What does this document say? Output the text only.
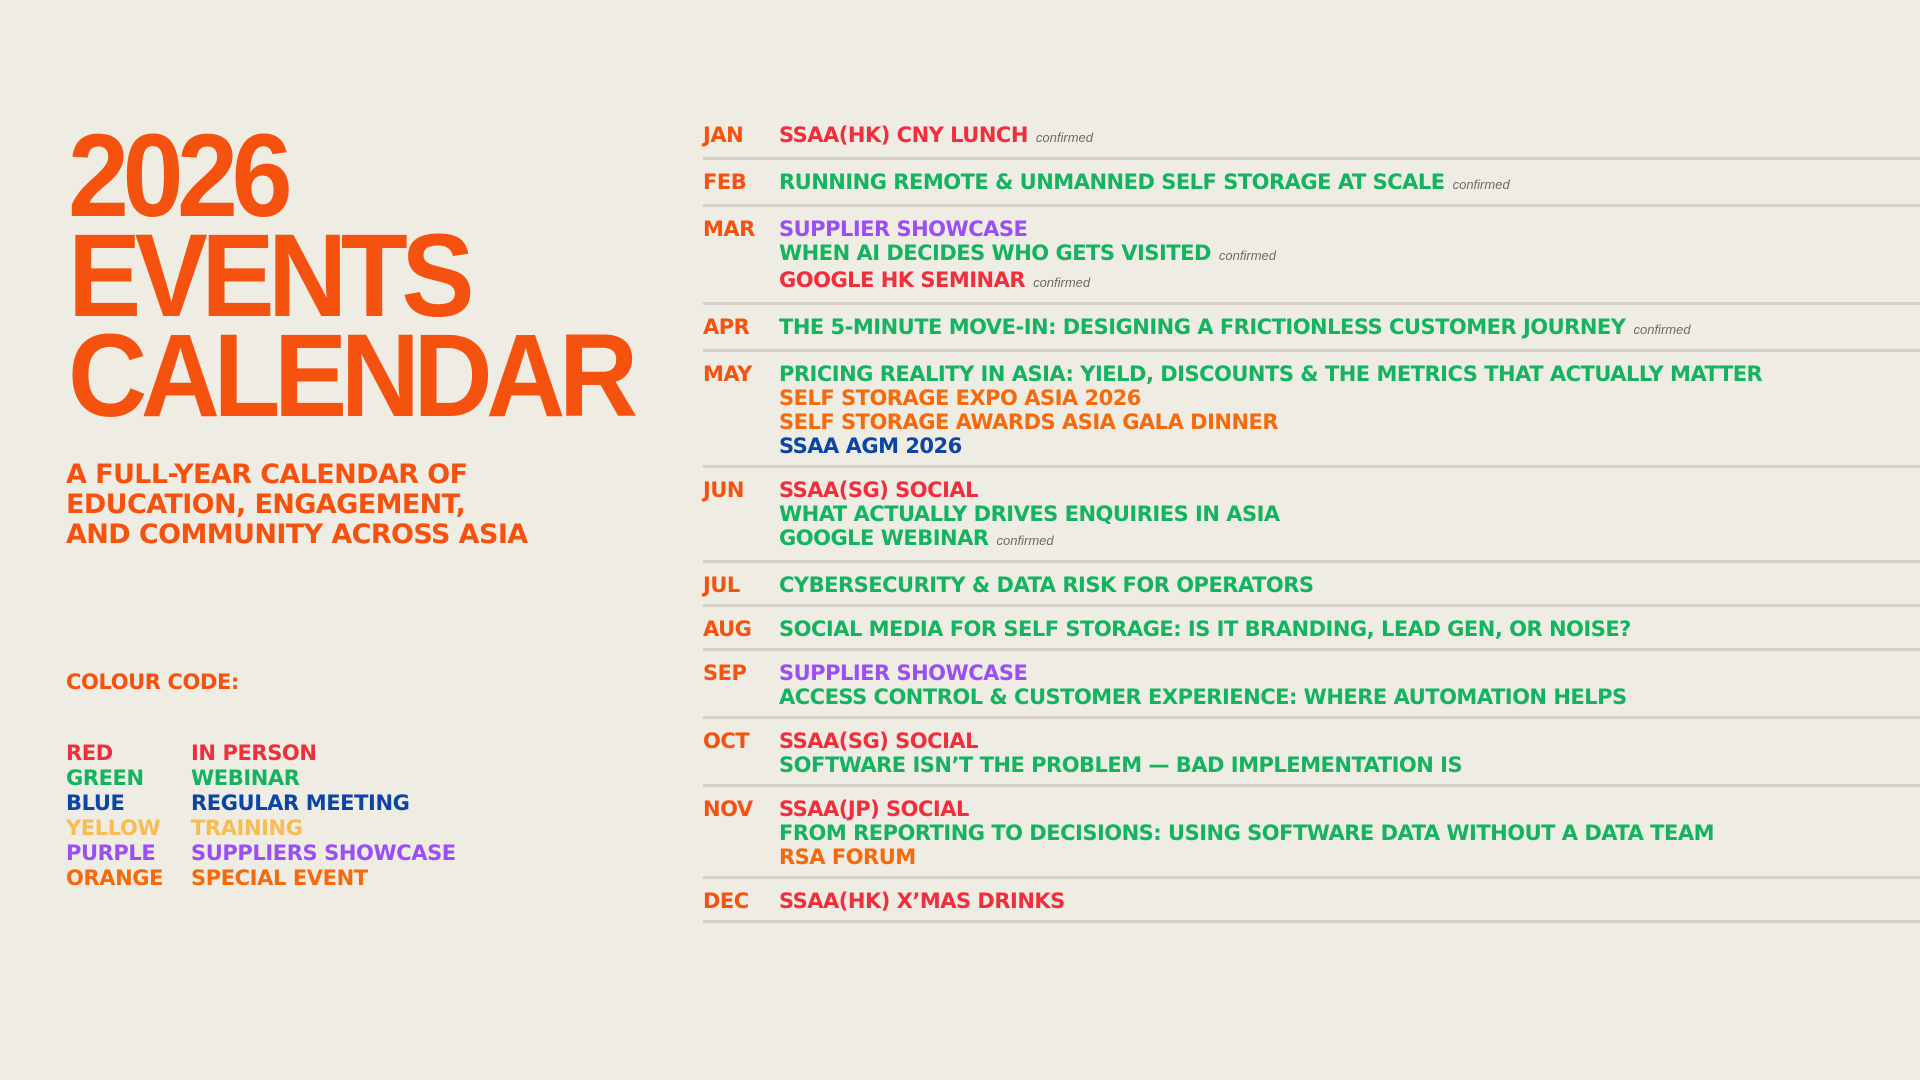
2026
EVENTS
CALENDAR
A FULL-YEAR CALENDAR OF
EDUCATION, ENGAGEMENT,
AND COMMUNITY ACROSS ASIA
COLOUR CODE:
RED	IN PERSON
GREEN WEBINAR
BLUE	REGULAR MEETING
YELLOW TRAINING
PURPLE SUPPLIERS SHOWCASE
ORANGE SPECIAL EVENT
JAN	SSAA(HK) CNY LUNCH confirmed
FEB	RUNNING REMOTE & UNMANNED SELF STORAGE AT SCALE confirmed
MAR	SUPPLIER SHOWCASE
WHEN AI DECIDES WHO GETS VISITED confirmed
GOOGLE HK SEMINAR confirmed
APR	THE 5-MINUTE MOVE-IN: DESIGNING A FRICTIONLESS CUSTOMER JOURNEY confirmed
MAY	PRICING REALITY IN ASIA: YIELD, DISCOUNTS & THE METRICS THAT ACTUALLY MATTER
SELF STORAGE EXPO ASIA 2026
SELF STORAGE AWARDS ASIA GALA DINNER
SSAA AGM 2026
JUN	SSAA(SG) SOCIAL
WHAT ACTUALLY DRIVES ENQUIRIES IN ASIA
GOOGLE WEBINAR confirmed
JUL	CYBERSECURITY & DATA RISK FOR OPERATORS
AUG	SOCIAL MEDIA FOR SELF STORAGE: IS IT BRANDING, LEAD GEN, OR NOISE?
SEP	SUPPLIER SHOWCASE
ACCESS CONTROL & CUSTOMER EXPERIENCE: WHERE AUTOMATION HELPS
OCT	SSAA(SG) SOCIAL
SOFTWARE ISN’T THE PROBLEM — BAD IMPLEMENTATION IS
NOV	SSAA(JP) SOCIAL
FROM REPORTING TO DECISIONS: USING SOFTWARE DATA WITHOUT A DATA TEAM
RSA FORUM
DEC	SSAA(HK) X’MAS DRINKS
